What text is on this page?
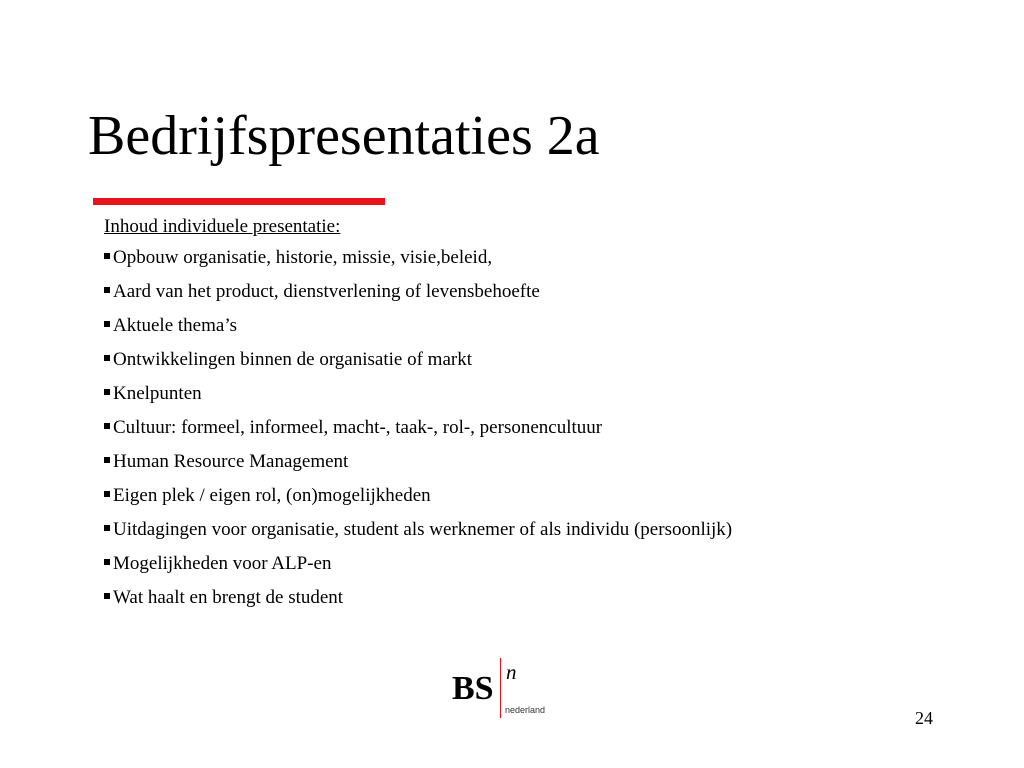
Bedrijfspresentaties 2a
Inhoud individuele presentatie:
Opbouw organisatie, historie, missie, visie,beleid,
Aard van het product, dienstverlening of levensbehoefte
Aktuele thema’s
Ontwikkelingen binnen de organisatie of markt
Knelpunten
Cultuur: formeel, informeel, macht-, taak-, rol-, personencultuur
Human Resource Management
Eigen plek / eigen rol, (on)mogelijkheden
Uitdagingen voor organisatie, student als werknemer of als individu (persoonlijk)
Mogelijkheden voor ALP-en
Wat haalt en brengt de student
BS n
nederland	24
